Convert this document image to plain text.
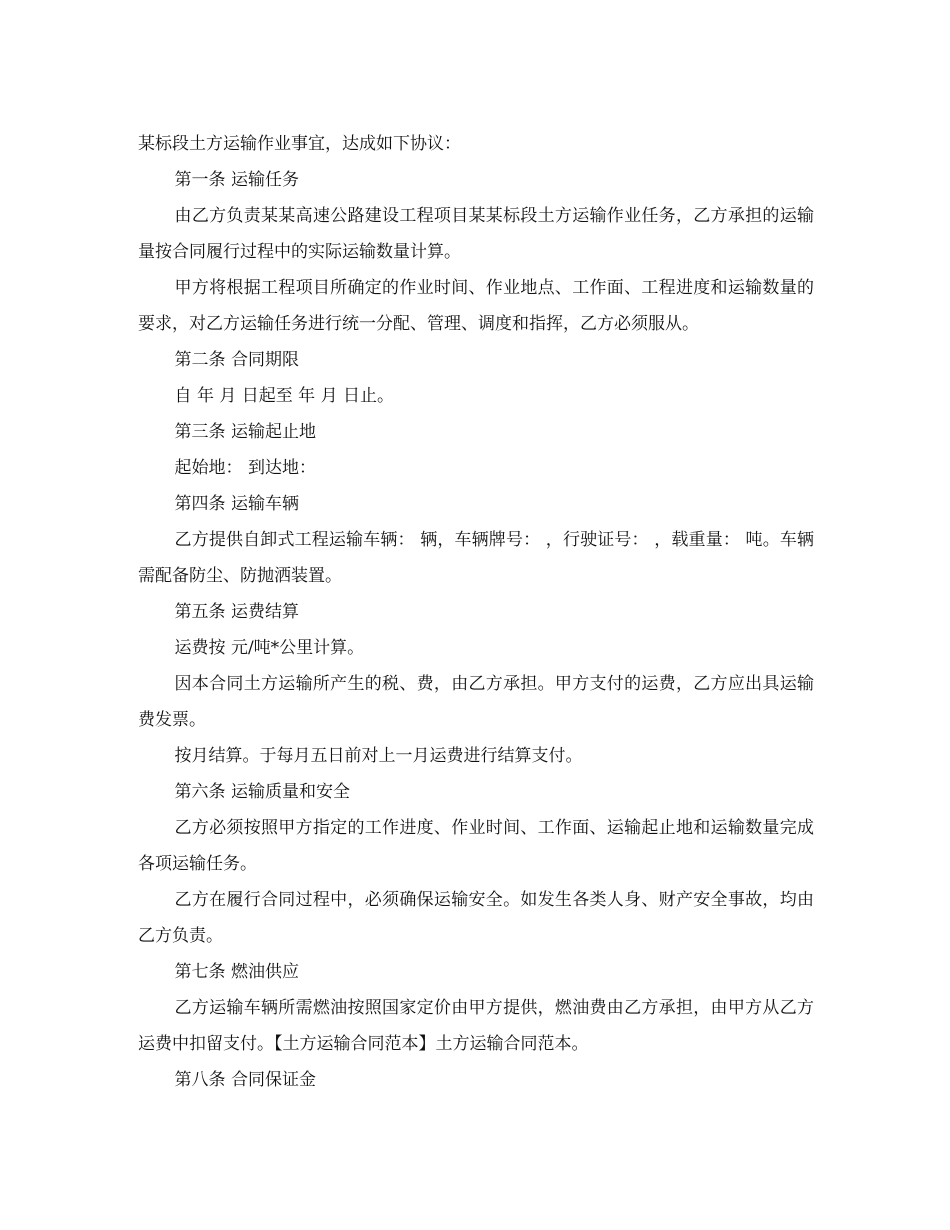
某标段土方运输作业事宜，达成如下协议：

第一条 运输任务

由乙方负责某某高速公路建设工程项目某某标段土方运输作业任务，乙方承担的运输量按合同履行过程中的实际运输数量计算。

甲方将根据工程项目所确定的作业时间、作业地点、工作面、工程进度和运输数量的要求，对乙方运输任务进行统一分配、管理、调度和指挥，乙方必须服从。

第二条 合同期限

自 年 月 日起至 年 月 日止。

第三条 运输起止地

起始地： 到达地：

第四条 运输车辆

乙方提供自卸式工程运输车辆： 辆，车辆牌号： ，行驶证号： ，载重量： 吨。车辆需配备防尘、防抛洒装置。

第五条 运费结算

运费按 元/吨*公里计算。

因本合同土方运输所产生的税、费，由乙方承担。甲方支付的运费，乙方应出具运输费发票。

按月结算。于每月五日前对上一月运费进行结算支付。

第六条 运输质量和安全

乙方必须按照甲方指定的工作进度、作业时间、工作面、运输起止地和运输数量完成各项运输任务。

乙方在履行合同过程中，必须确保运输安全。如发生各类人身、财产安全事故，均由乙方负责。

第七条 燃油供应

乙方运输车辆所需燃油按照国家定价由甲方提供，燃油费由乙方承担，由甲方从乙方运费中扣留支付。【土方运输合同范本】土方运输合同范本。

第八条 合同保证金
